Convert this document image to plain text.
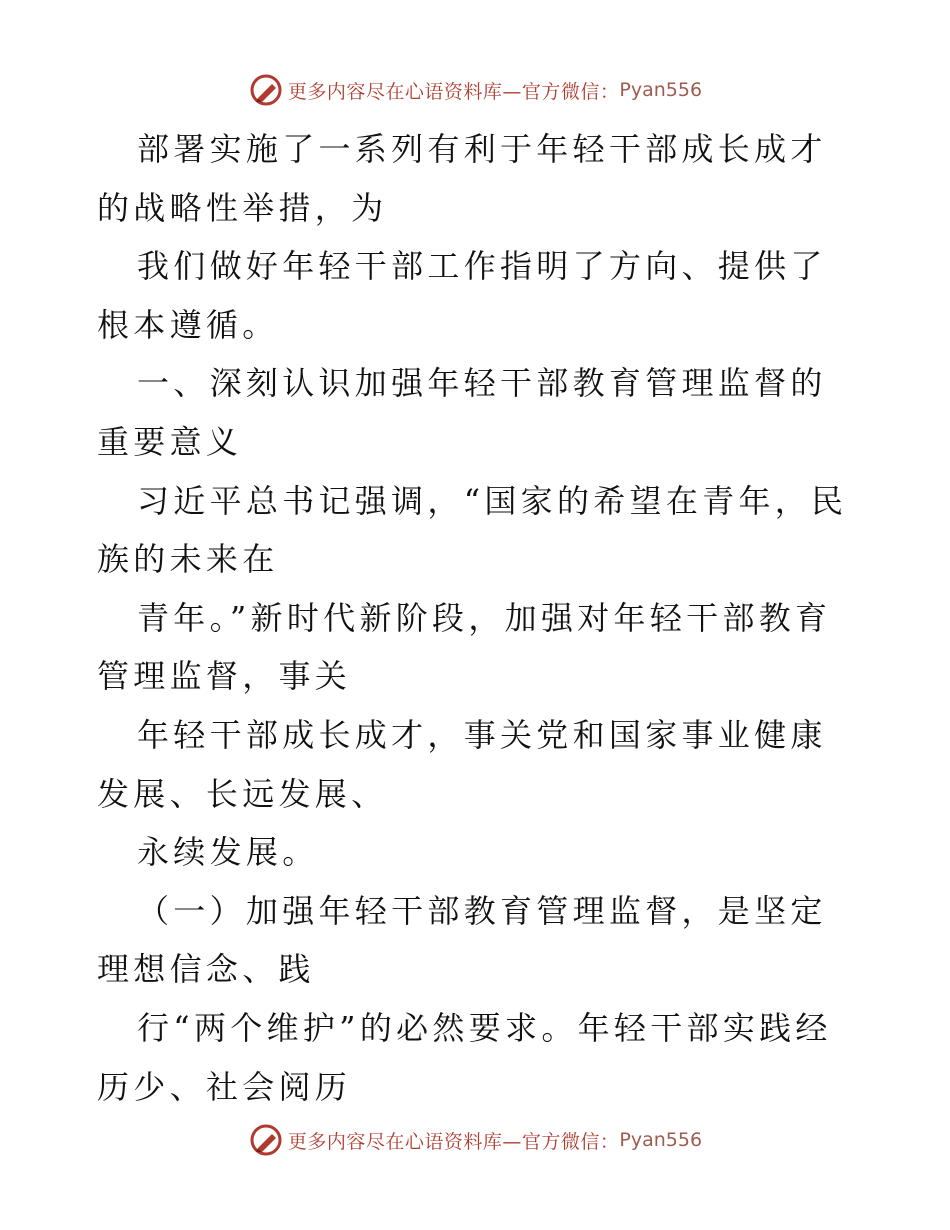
更多内容尽在心语资料库—官方微信： Pyan556

部署实施了一系列有利于年轻干部成长成才的战略性举措，为

我们做好年轻干部工作指明了方向、提供了根本遵循。

一、深刻认识加强年轻干部教育管理监督的重要意义

习近平总书记强调，“国家的希望在青年，民族的未来在

青年。”新时代新阶段，加强对年轻干部教育管理监督，事关

年轻干部成长成才，事关党和国家事业健康发展、长远发展、

永续发展。

（一）加强年轻干部教育管理监督，是坚定理想信念、践

行“两个维护”的必然要求。年轻干部实践经历少、社会阅历

更多内容尽在心语资料库—官方微信： Pyan556
